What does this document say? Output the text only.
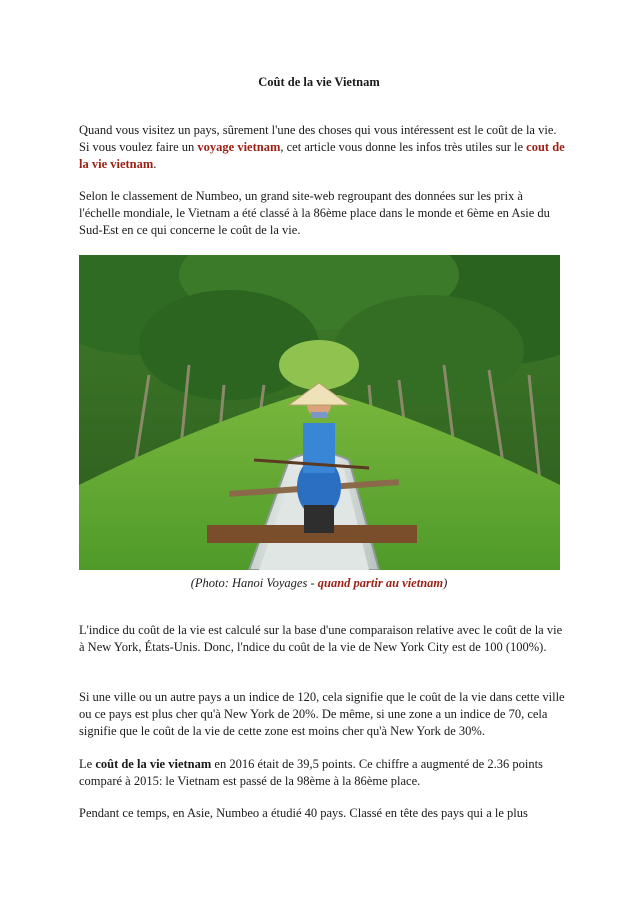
Coût de la vie Vietnam

Quand vous visitez un pays, sûrement l'une des choses qui vous intéressent est le coût de la vie. Si vous voulez faire un voyage vietnam, cet article vous donne les infos très utiles sur le cout de la vie vietnam.

Selon le classement de Numbeo, un grand site-web regroupant des données sur les prix à l'échelle mondiale, le Vietnam a été classé à la 86ème place dans le monde et 6ème en Asie du Sud-Est en ce qui concerne le coût de la vie.

(Photo: Hanoi Voyages - quand partir au vietnam)

L'indice du coût de la vie est calculé sur la base d'une comparaison relative avec le coût de la vie à New York, États-Unis. Donc, l'ndice du coût de la vie de New York City est de 100 (100%).

Si une ville ou un autre pays a un indice de 120, cela signifie que le coût de la vie dans cette ville ou ce pays est plus cher qu'à New York de 20%. De même, si une zone a un indice de 70, cela signifie que le coût de la vie de cette zone est moins cher qu'à New York de 30%.

Le coût de la vie vietnam en 2016 était de 39,5 points. Ce chiffre a augmenté de 2.36 points comparé à 2015: le Vietnam est passé de la 98ème à la 86ème place.

Pendant ce temps, en Asie, Numbeo a étudié 40 pays. Classé en tête des pays qui a le plus
